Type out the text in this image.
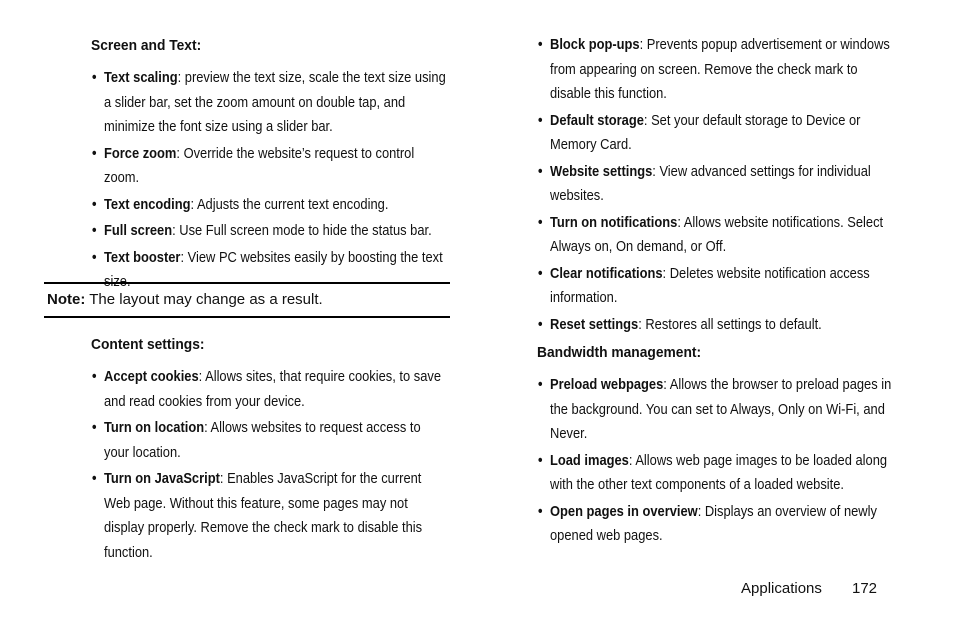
Screen and Text:
• Text scaling: preview the text size, scale the text size using a slider bar, set the zoom amount on double tap, and minimize the font size using a slider bar.
• Force zoom: Override the website’s request to control zoom.
• Text encoding: Adjusts the current text encoding.
• Full screen: Use Full screen mode to hide the status bar.
• Text booster: View PC websites easily by boosting the text size.
Note: The layout may change as a result.
Content settings:
• Accept cookies: Allows sites, that require cookies, to save and read cookies from your device.
• Turn on location: Allows websites to request access to your location.
• Turn on JavaScript: Enables JavaScript for the current Web page. Without this feature, some pages may not display properly. Remove the check mark to disable this function.
• Block pop-ups: Prevents popup advertisement or windows from appearing on screen. Remove the check mark to disable this function.
• Default storage: Set your default storage to Device or Memory Card.
• Website settings: View advanced settings for individual websites.
• Turn on notifications: Allows website notifications. Select Always on, On demand, or Off.
• Clear notifications: Deletes website notification access information.
• Reset settings: Restores all settings to default.
Bandwidth management:
• Preload webpages: Allows the browser to preload pages in the background. You can set to Always, Only on Wi-Fi, and Never.
• Load images: Allows web page images to be loaded along with the other text components of a loaded website.
• Open pages in overview: Displays an overview of newly opened web pages.
Applications 172
